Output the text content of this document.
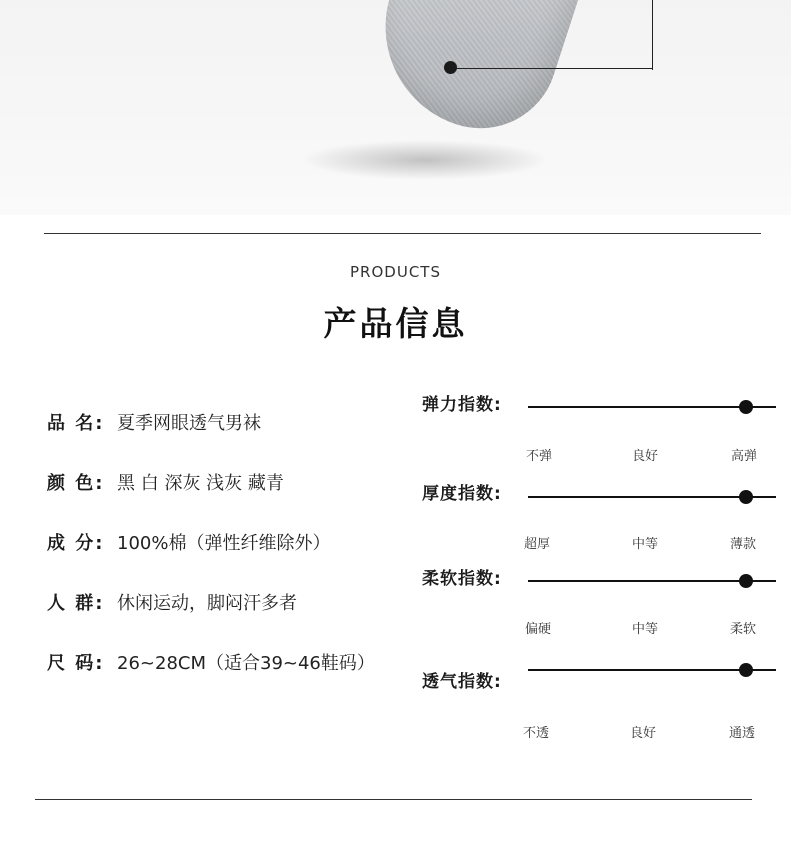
PRODUCTS
产品信息
品 名: 夏季网眼透气男袜
颜 色: 黑 白 深灰 浅灰 藏青
成 分: 100%棉（弹性纤维除外）
人 群: 休闲运动，脚闷汗多者
尺 码: 26~28CM（适合39~46鞋码）
弹力指数:
不弹	良好	高弹
厚度指数:
超厚	中等	薄款
柔软指数:
偏硬	中等	柔软
透气指数:
不透	良好	通透
